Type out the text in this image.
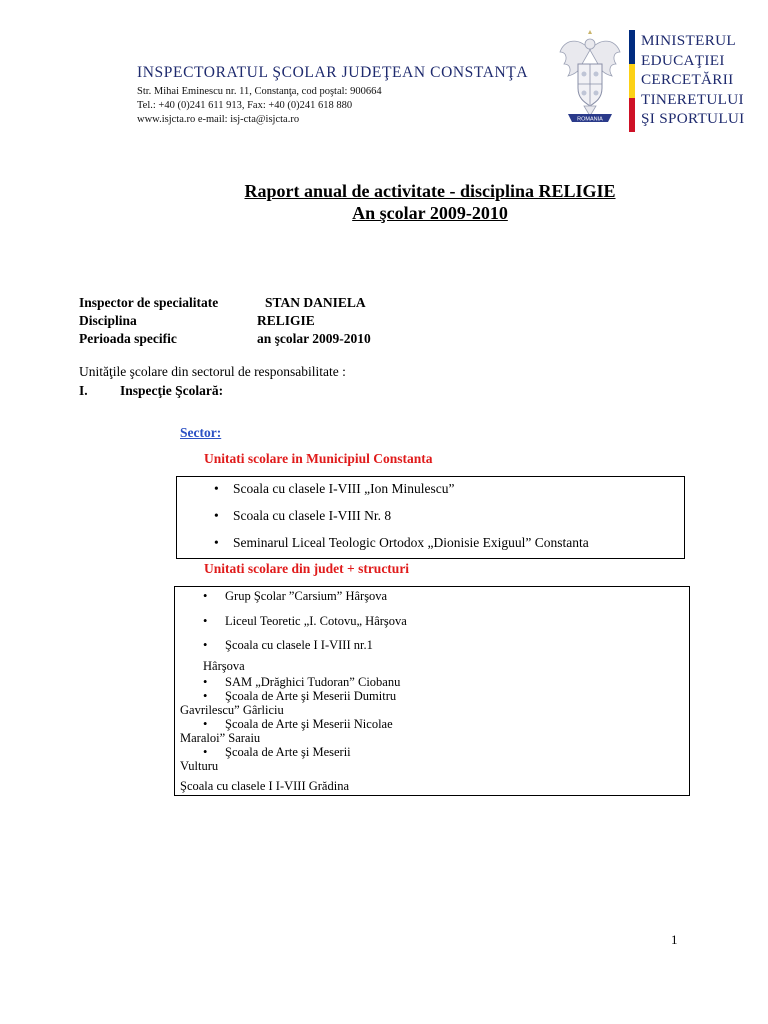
INSPECTORATUL ŞCOLAR JUDEŢEAN CONSTANŢA
Str. Mihai Eminescu nr. 11, Constanţa, cod poştal: 900664
Tel.: +40 (0)241 611 913, Fax: +40 (0)241 618 880
www.isjcta.ro e-mail: isj-cta@isjcta.ro	ROMANIA
MINISTERUL
EDUCAŢIEI
CERCETĂRII
TINERETULUI
ŞI SPORTULUI
Raport anual de activitate - disciplina RELIGIE
An şcolar 2009-2010
Inspector de specialitate	STAN DANIELA
Disciplina	RELIGIE
Perioada specific	an şcolar 2009-2010
Unităţile şcolare din sectorul de responsabilitate :
I. Inspecţie Şcolară:
Sector:
Unitati scolare in Municipiul Constanta
• Scoala cu clasele I-VIII „Ion Minulescu”
• Scoala cu clasele I-VIII Nr. 8
• Seminarul Liceal Teologic Ortodox „Dionisie Exiguul” Constanta
Unitati scolare din judet + structuri
• Grup Şcolar ”Carsium” Hârşova
• Liceul Teoretic „I. Cotovu„ Hârşova
• Şcoala cu clasele I I-VIII nr.1
Hârşova
• SAM „Drăghici Tudoran” Ciobanu
• Şcoala de Arte şi Meserii Dumitru
Gavrilescu” Gârliciu
• Şcoala de Arte şi Meserii Nicolae
Maraloi” Saraiu
• Şcoala de Arte şi Meserii
Vulturu
Şcoala cu clasele I I-VIII Grădina
1
